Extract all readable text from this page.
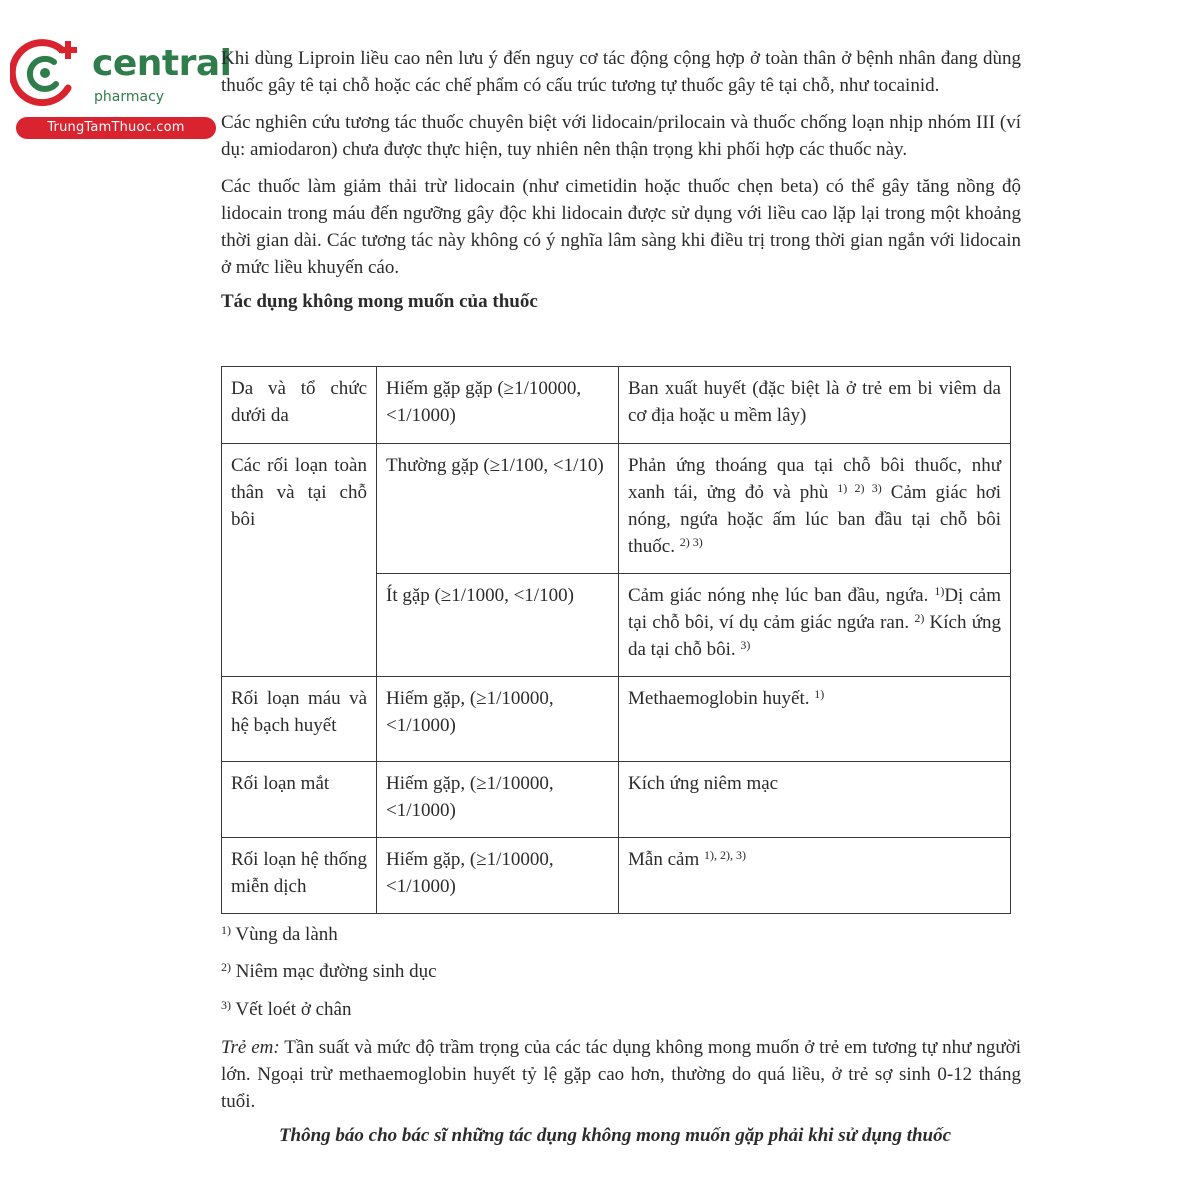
central
pharmacy
TrungTamThuoc.com

Khi dùng Liproin liều cao nên lưu ý đến nguy cơ tác động cộng hợp ở toàn thân ở bệnh nhân đang dùng thuốc gây tê tại chỗ hoặc các chế phẩm có cấu trúc tương tự thuốc gây tê tại chỗ, như tocainid.

Các nghiên cứu tương tác thuốc chuyên biệt với lidocain/prilocain và thuốc chống loạn nhịp nhóm III (ví dụ: amiodaron) chưa được thực hiện, tuy nhiên nên thận trọng khi phối hợp các thuốc này.

Các thuốc làm giảm thải trừ lidocain (như cimetidin hoặc thuốc chẹn beta) có thể gây tăng nồng độ lidocain trong máu đến ngưỡng gây độc khi lidocain được sử dụng với liều cao lặp lại trong một khoảng thời gian dài. Các tương tác này không có ý nghĩa lâm sàng khi điều trị trong thời gian ngắn với lidocain ở mức liều khuyến cáo.

Tác dụng không mong muốn của thuốc
Da và tổ chức dưới da	Hiếm gặp gặp (≥1/10000, <1/1000)	Ban xuất huyết (đặc biệt là ở trẻ em bi viêm da cơ địa hoặc u mềm lây)
Các rối loạn toàn thân và tại chỗ bôi	Thường gặp (≥1/100, <1/10)	Phản ứng thoáng qua tại chỗ bôi thuốc, như xanh tái, ửng đỏ và phù $^{1) 2) 3)}$ Cảm giác hơi nóng, ngứa hoặc ấm lúc ban đầu tại chỗ bôi thuốc. $^{2) 3)}$
	Ít gặp (≥1/1000, <1/100)	Cảm giác nóng nhẹ lúc ban đầu, ngứa. $^{1)}$Dị cảm tại chỗ bôi, ví dụ cảm giác ngứa ran. $^{2)}$ Kích ứng da tại chỗ bôi. $^{3)}$
Rối loạn máu và hệ bạch huyết	Hiếm gặp, (≥1/10000, <1/1000)	Methaemoglobin huyết. $^{1)}$
Rối loạn mắt	Hiếm gặp, (≥1/10000, <1/1000)	Kích ứng niêm mạc
Rối loạn hệ thống miễn dịch	Hiếm gặp, (≥1/10000, <1/1000)	Mẫn cảm $^{1), 2), 3)}$

$^{1)}$ Vùng da lành

$^{2)}$ Niêm mạc đường sinh dục

$^{3)}$ Vết loét ở chân

Trẻ em: Tần suất và mức độ trầm trọng của các tác dụng không mong muốn ở trẻ em tương tự như người lớn. Ngoại trừ methaemoglobin huyết tỷ lệ gặp cao hơn, thường do quá liều, ở trẻ sợ sinh 0-12 tháng tuổi.

Thông báo cho bác sĩ những tác dụng không mong muốn gặp phải khi sử dụng thuốc
